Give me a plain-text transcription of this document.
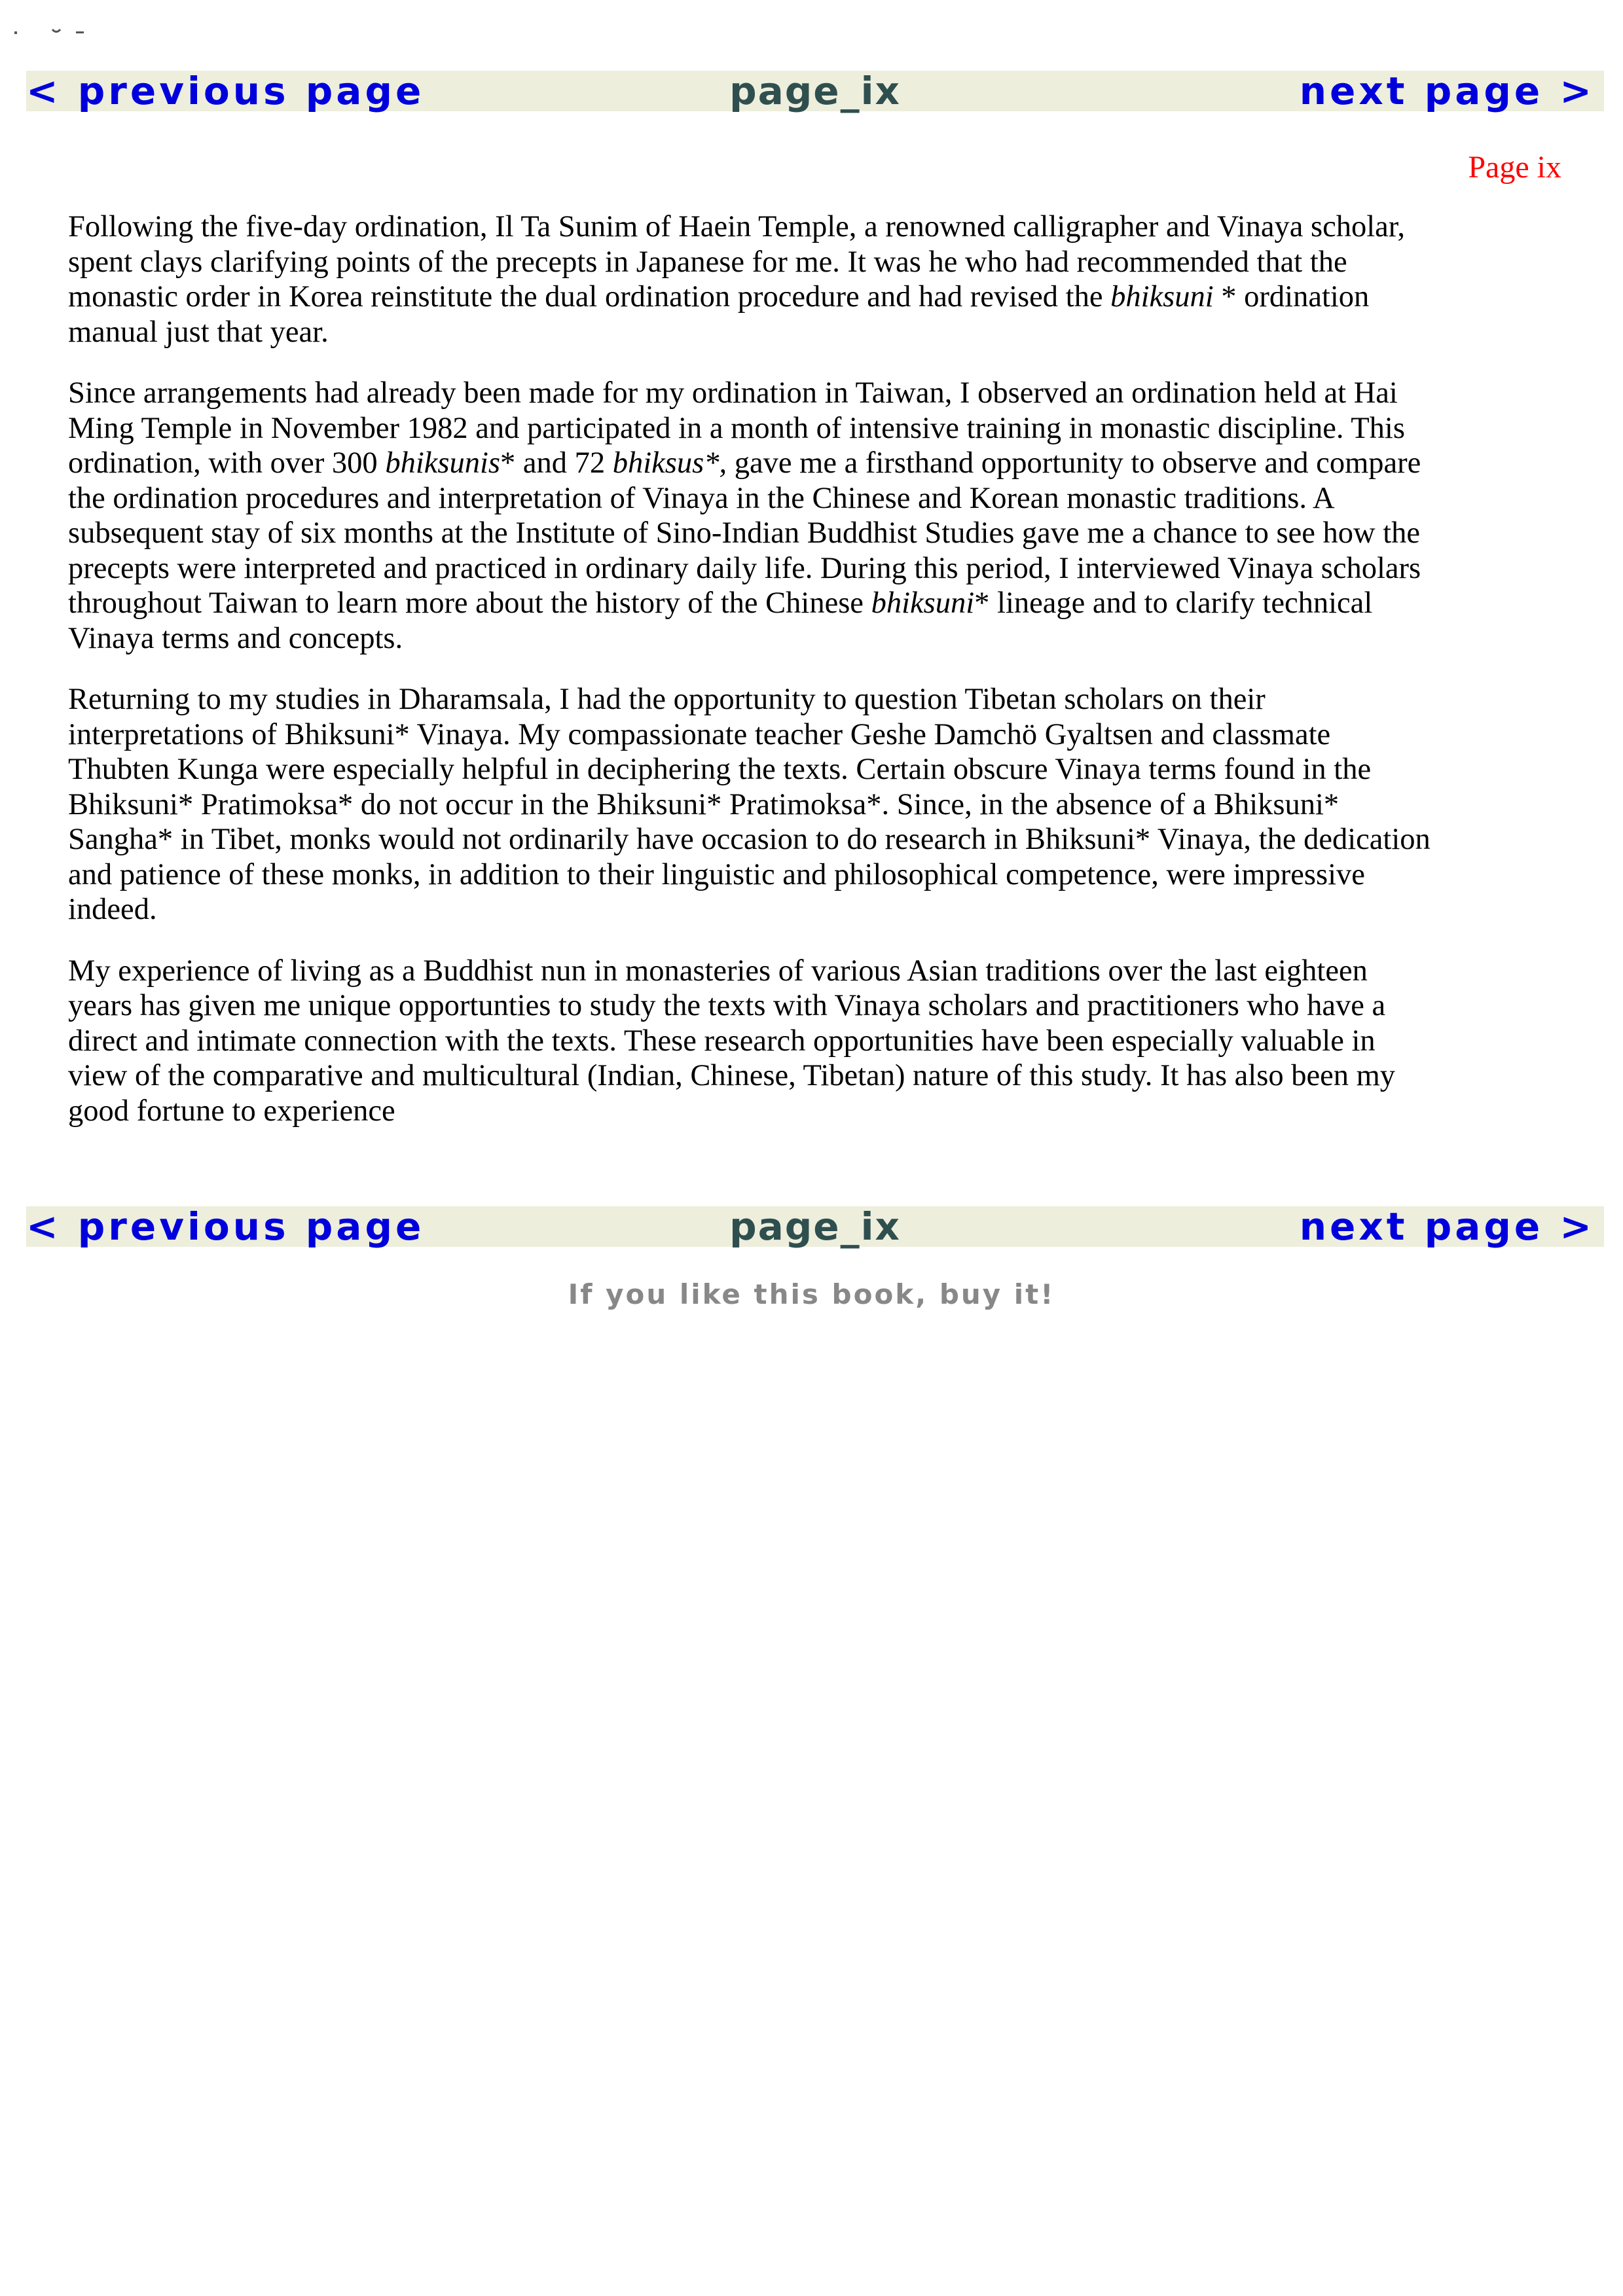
< previous page	page_ix	next page >
Page ix

Following the five-day ordination, Il Ta Sunim of Haein Temple, a renowned calligrapher and Vinaya scholar,
spent clays clarifying points of the precepts in Japanese for me. It was he who had recommended that the
monastic order in Korea reinstitute the dual ordination procedure and had revised the bhiksuni * ordination
manual just that year.

Since arrangements had already been made for my ordination in Taiwan, I observed an ordination held at Hai
Ming Temple in November 1982 and participated in a month of intensive training in monastic discipline. This
ordination, with over 300 bhiksunis* and 72 bhiksus*, gave me a firsthand opportunity to observe and compare
the ordination procedures and interpretation of Vinaya in the Chinese and Korean monastic traditions. A
subsequent stay of six months at the Institute of Sino-Indian Buddhist Studies gave me a chance to see how the
precepts were interpreted and practiced in ordinary daily life. During this period, I interviewed Vinaya scholars
throughout Taiwan to learn more about the history of the Chinese bhiksuni* lineage and to clarify technical
Vinaya terms and concepts.

Returning to my studies in Dharamsala, I had the opportunity to question Tibetan scholars on their
interpretations of Bhiksuni* Vinaya. My compassionate teacher Geshe Damchö Gyaltsen and classmate
Thubten Kunga were especially helpful in deciphering the texts. Certain obscure Vinaya terms found in the
Bhiksuni* Pratimoksa* do not occur in the Bhiksuni* Pratimoksa*. Since, in the absence of a Bhiksuni*
Sangha* in Tibet, monks would not ordinarily have occasion to do research in Bhiksuni* Vinaya, the dedication
and patience of these monks, in addition to their linguistic and philosophical competence, were impressive
indeed.

My experience of living as a Buddhist nun in monasteries of various Asian traditions over the last eighteen
years has given me unique opportunties to study the texts with Vinaya scholars and practitioners who have a
direct and intimate connection with the texts. These research opportunities have been especially valuable in
view of the comparative and multicultural (Indian, Chinese, Tibetan) nature of this study. It has also been my
good fortune to experience

< previous page	page_ix	next page >
If you like this book, buy it!
